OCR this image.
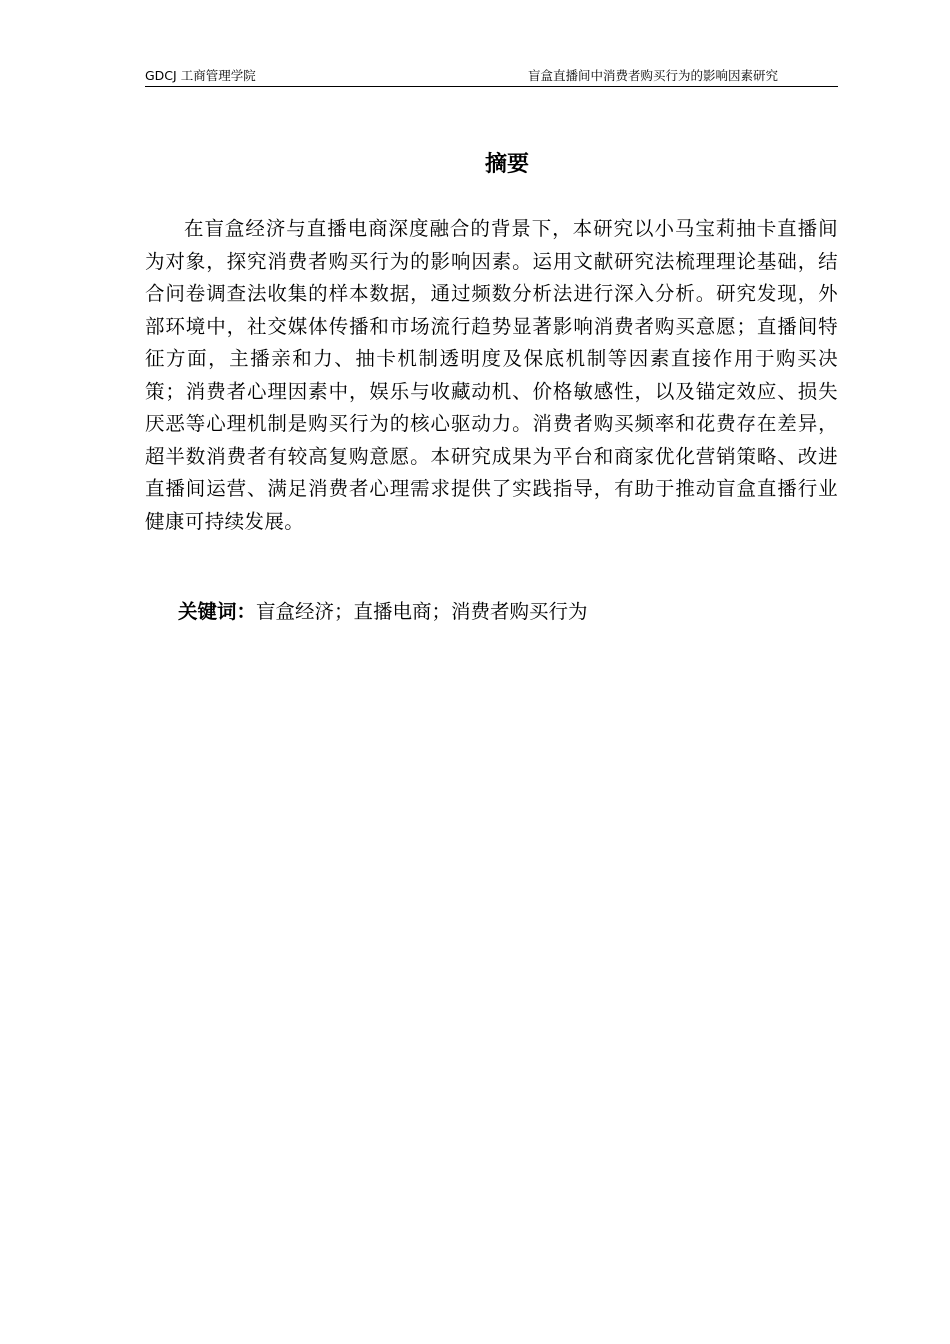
GDCJ 工商管理学院	盲盒直播间中消费者购买行为的影响因素研究
摘要

在盲盒经济与直播电商深度融合的背景下，本研究以小马宝莉抽卡直播间为对象，探究消费者购买行为的影响因素。运用文献研究法梳理理论基础，结合问卷调查法收集的样本数据，通过频数分析法进行深入分析。研究发现，外部环境中，社交媒体传播和市场流行趋势显著影响消费者购买意愿；直播间特征方面，主播亲和力、抽卡机制透明度及保底机制等因素直接作用于购买决策；消费者心理因素中，娱乐与收藏动机、价格敏感性，以及锚定效应、损失厌恶等心理机制是购买行为的核心驱动力。消费者购买频率和花费存在差异，超半数消费者有较高复购意愿。本研究成果为平台和商家优化营销策略、改进直播间运营、满足消费者心理需求提供了实践指导，有助于推动盲盒直播行业健康可持续发展。

关键词：盲盒经济；直播电商；消费者购买行为
